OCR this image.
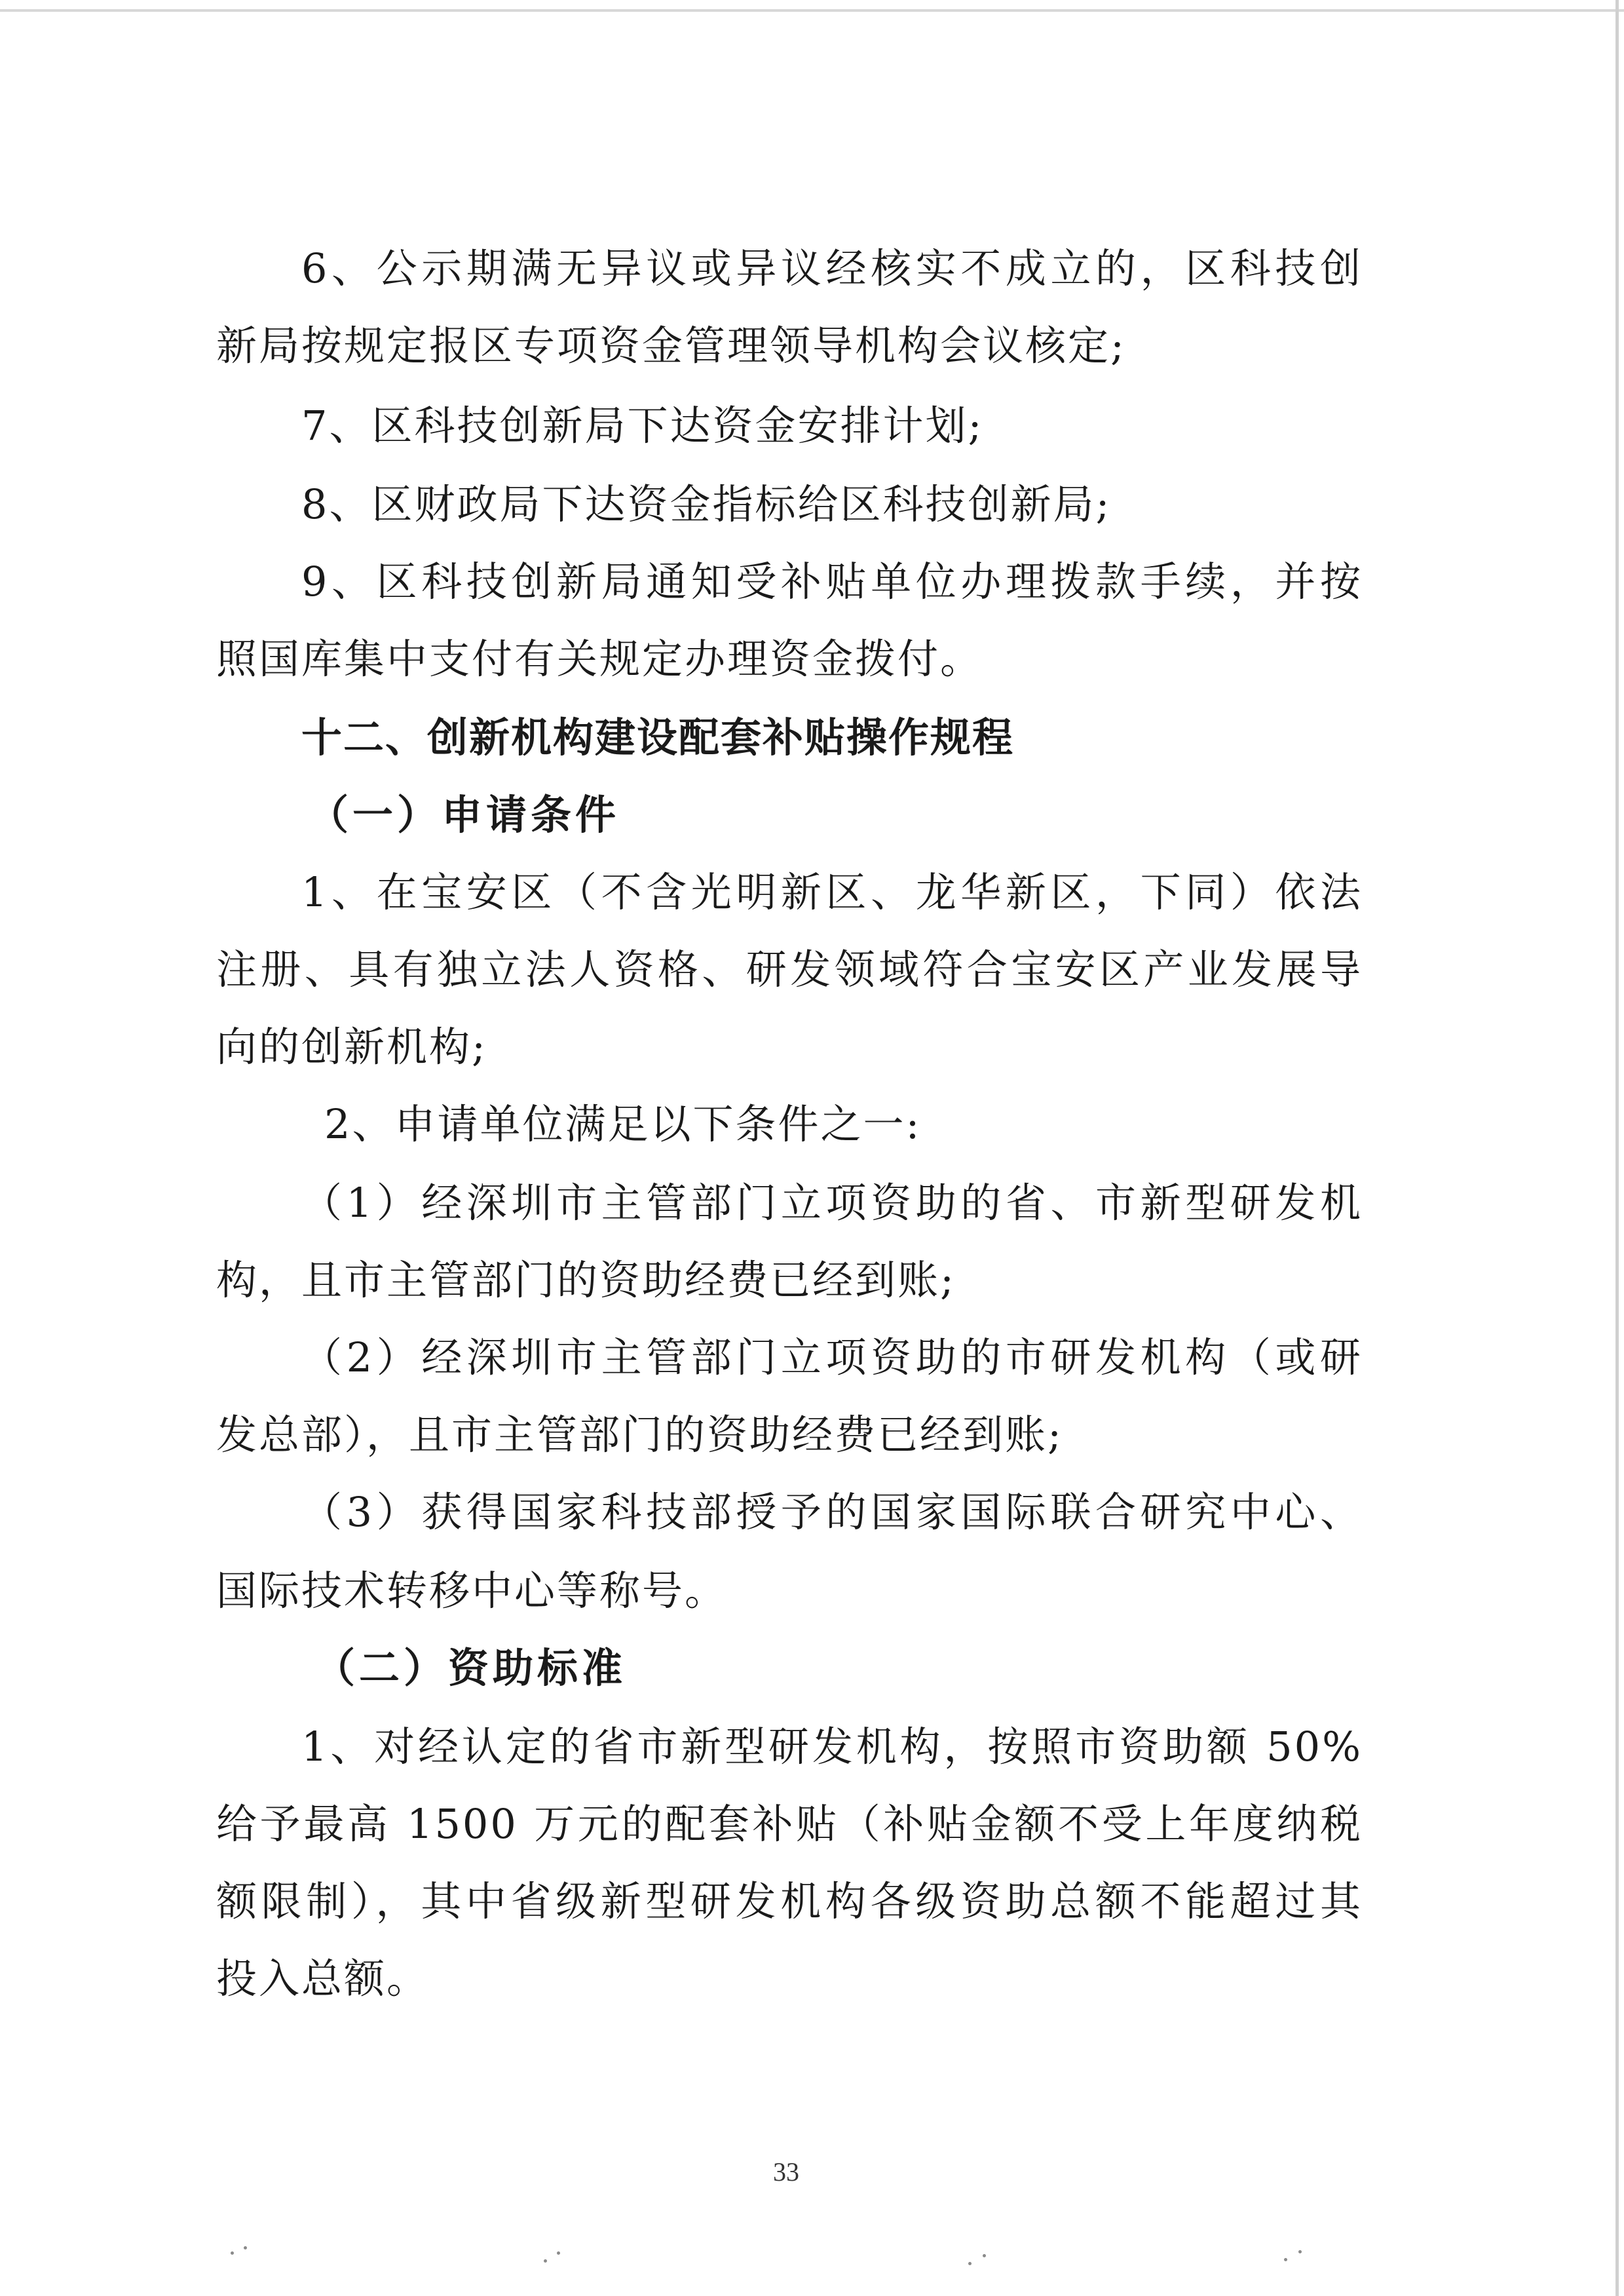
6、公示期满无异议或异议经核实不成立的，区科技创
新局按规定报区专项资金管理领导机构会议核定;
7、区科技创新局下达资金安排计划;
8、区财政局下达资金指标给区科技创新局;
9、区科技创新局通知受补贴单位办理拨款手续，并按
照国库集中支付有关规定办理资金拨付。
十二、创新机构建设配套补贴操作规程
（一）申请条件
1、在宝安区（不含光明新区、龙华新区，下同）依法
注册、具有独立法人资格、研发领域符合宝安区产业发展导
向的创新机构;
2、申请单位满足以下条件之一:
（1）经深圳市主管部门立项资助的省、市新型研发机
构，且市主管部门的资助经费已经到账;
（2）经深圳市主管部门立项资助的市研发机构（或研
发总部），且市主管部门的资助经费已经到账;
（3）获得国家科技部授予的国家国际联合研究中心、
国际技术转移中心等称号。
（二）资助标准
1、对经认定的省市新型研发机构，按照市资助额 50%
给予最高 1500 万元的配套补贴（补贴金额不受上年度纳税
额限制），其中省级新型研发机构各级资助总额不能超过其
投入总额。
33
